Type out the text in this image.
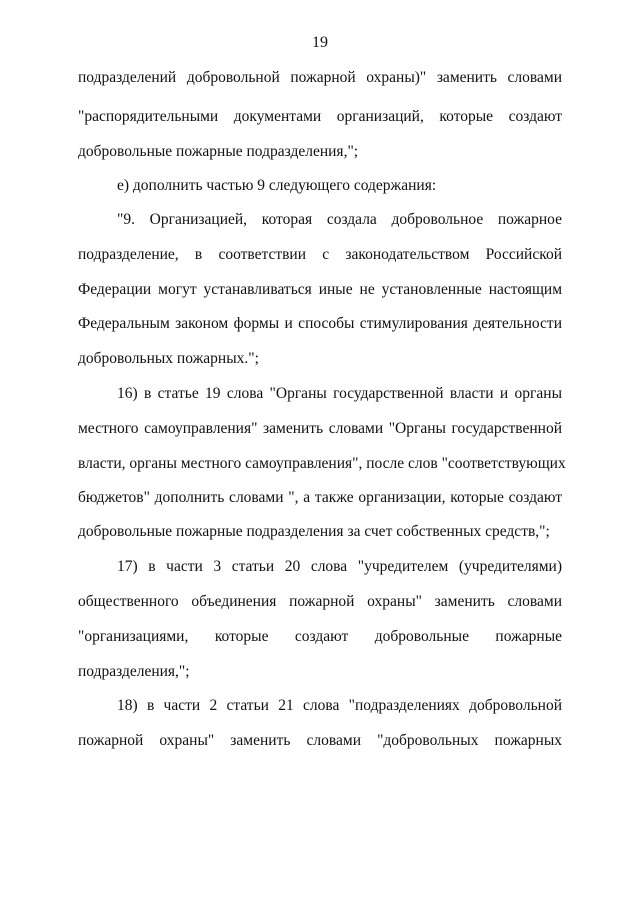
19
подразделений добровольной пожарной охраны)" заменить словами
"распорядительными документами организаций, которые создают
добровольные пожарные подразделения,";
е) дополнить частью 9 следующего содержания:
"9. Организацией, которая создала добровольное пожарное
подразделение, в соответствии с законодательством Российской
Федерации могут устанавливаться иные не установленные настоящим
Федеральным законом формы и способы стимулирования деятельности
добровольных пожарных.";
16) в статье 19 слова "Органы государственной власти и органы
местного самоуправления" заменить словами "Органы государственной
власти, органы местного самоуправления", после слов "соответствующих
бюджетов" дополнить словами ", а также организации, которые создают
добровольные пожарные подразделения за счет собственных средств,";
17) в части 3 статьи 20 слова "учредителем (учредителями)
общественного объединения пожарной охраны" заменить словами
"организациями, которые создают добровольные пожарные
подразделения,";
18) в части 2 статьи 21 слова "подразделениях добровольной
пожарной охраны" заменить словами "добровольных пожарных
